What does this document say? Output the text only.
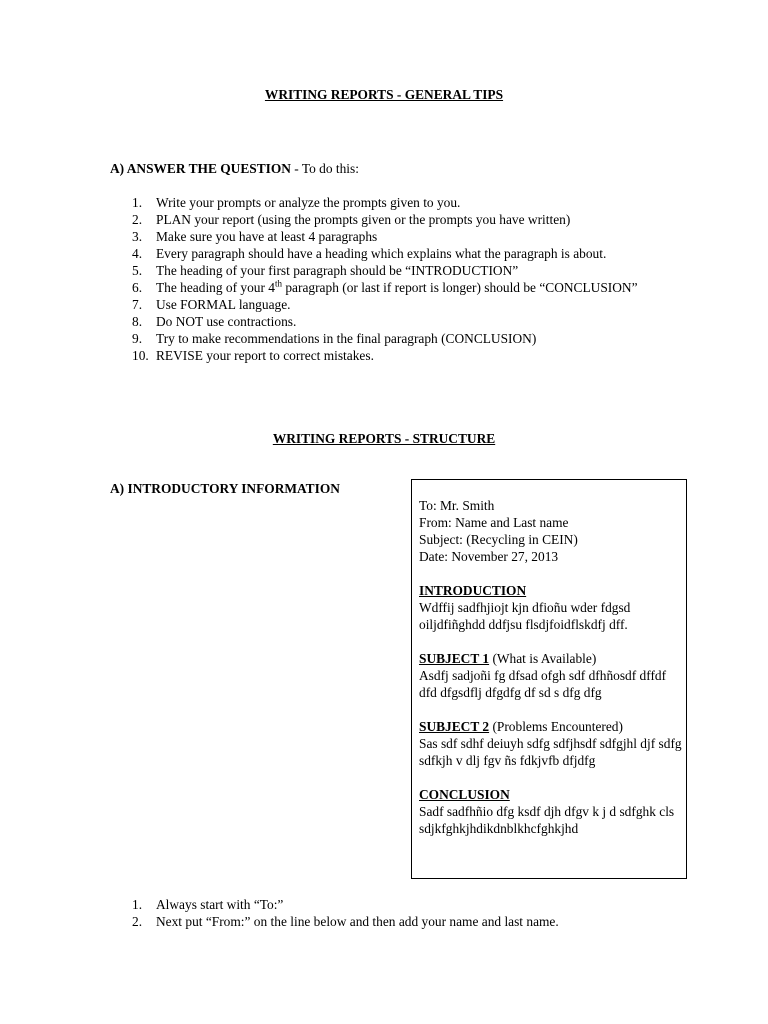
WRITING REPORTS - GENERAL TIPS
A) ANSWER THE QUESTION - To do this:
1.	Write your prompts or analyze the prompts given to you.
2.	PLAN your report (using the prompts given or the prompts you have written)
3.	Make sure you have at least 4 paragraphs
4.	Every paragraph should have a heading which explains what the paragraph is about.
5.	The heading of your first paragraph should be “INTRODUCTION”
6.	The heading of your 4th paragraph (or last if report is longer) should be “CONCLUSION”
7.	Use FORMAL language.
8.	Do NOT use contractions.
9.	Try to make recommendations in the final paragraph (CONCLUSION)
10. REVISE your report to correct mistakes.
WRITING REPORTS - STRUCTURE
A) INTRODUCTORY INFORMATION

To: Mr. Smith

From: Name and Last name

Subject: (Recycling in CEIN)

Date: November 27, 2013

INTRODUCTION

Wdffij sadfhjiojt kjn dfioñu wder fdgsd oiljdfiñghdd ddfjsu flsdjfoidflskdfj dff.

SUBJECT 1 (What is Available)

Asdfj sadjoñi fg dfsad ofgh sdf dfhñosdf dffdf dfd dfgsdflj dfgdfg df sd s dfg dfg

SUBJECT 2 (Problems Encountered)

Sas sdf sdhf deiuyh sdfg sdfjhsdf sdfgjhl djf sdfg sdfkjh v dlj fgv ñs fdkjvfb dfjdfg

CONCLUSION

Sadf sadfhñio dfg ksdf djh dfgv k j d sdfghk cls sdjkfghkjhdikdnblkhcfghkjhd

1.	Always start with “To:”
2.	Next put “From:” on the line below and then add your name and last name.
